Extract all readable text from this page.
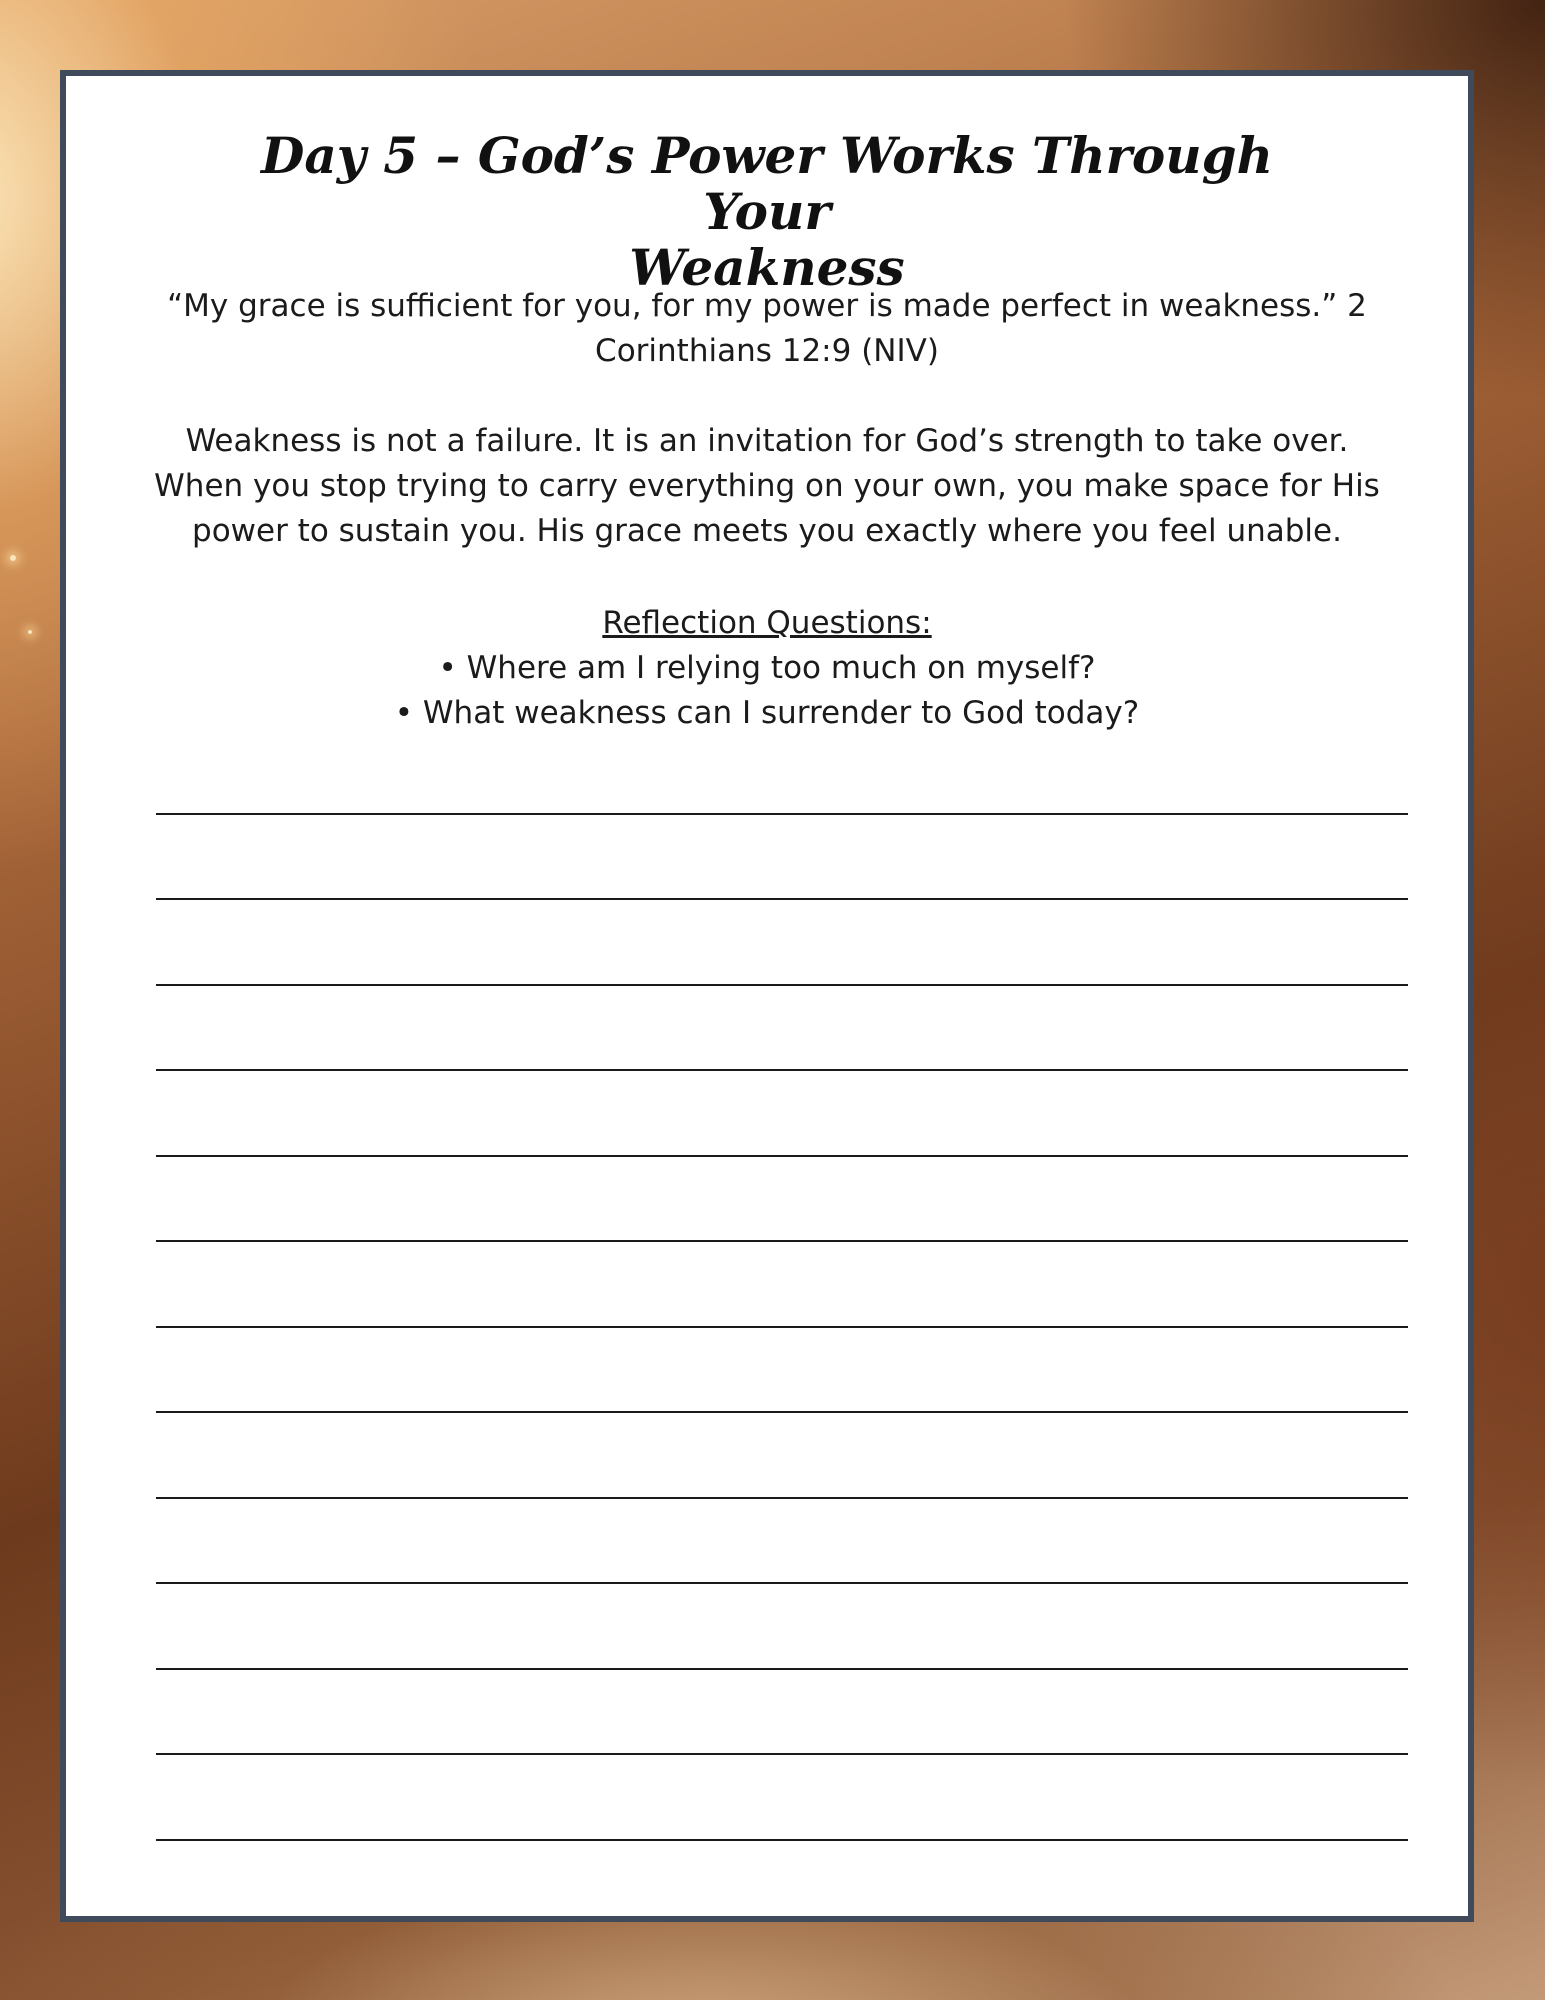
Day 5 – God’s Power Works Through Your
Weakness

“My grace is sufficient for you, for my power is made perfect in weakness.” 2
Corinthians 12:9 (NIV)

Weakness is not a failure. It is an invitation for God’s strength to take over.
When you stop trying to carry everything on your own, you make space for His
power to sustain you. His grace meets you exactly where you feel unable.

Reflection Questions:

• Where am I relying too much on myself?

• What weakness can I surrender to God today?
